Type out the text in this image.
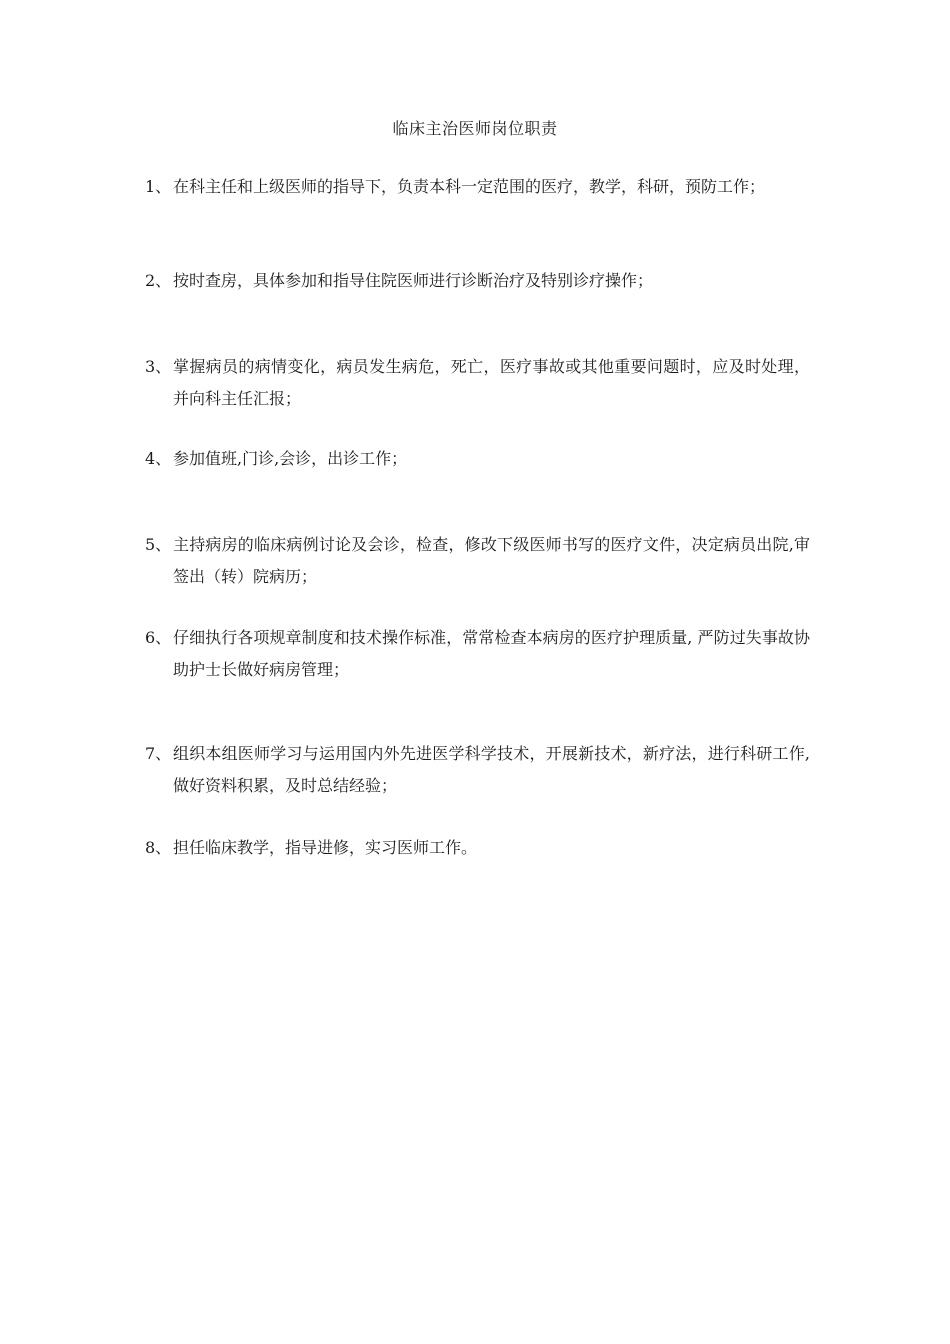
临床主治医师岗位职责
1、 在科主任和上级医师的指导下，负责本科一定范围的医疗，教学，科研，预防工作；
2、 按时查房，具体参加和指导住院医师进行诊断治疗及特别诊疗操作；
3、 掌握病员的病情变化，病员发生病危，死亡，医疗事故或其他重要问题时，应及时处理，并向科主任汇报；
4、 参加值班,门诊,会诊，出诊工作；
5、 主持病房的临床病例讨论及会诊，检查，修改下级医师书写的医疗文件，决定病员出院,审签出（转）院病历；
6、 仔细执行各项规章制度和技术操作标准，常常检查本病房的医疗护理质量, 严防过失事故协助护士长做好病房管理；
7、 组织本组医师学习与运用国内外先进医学科学技术，开展新技术，新疗法，进行科研工作,做好资料积累，及时总结经验；
8、 担任临床教学，指导进修，实习医师工作。
